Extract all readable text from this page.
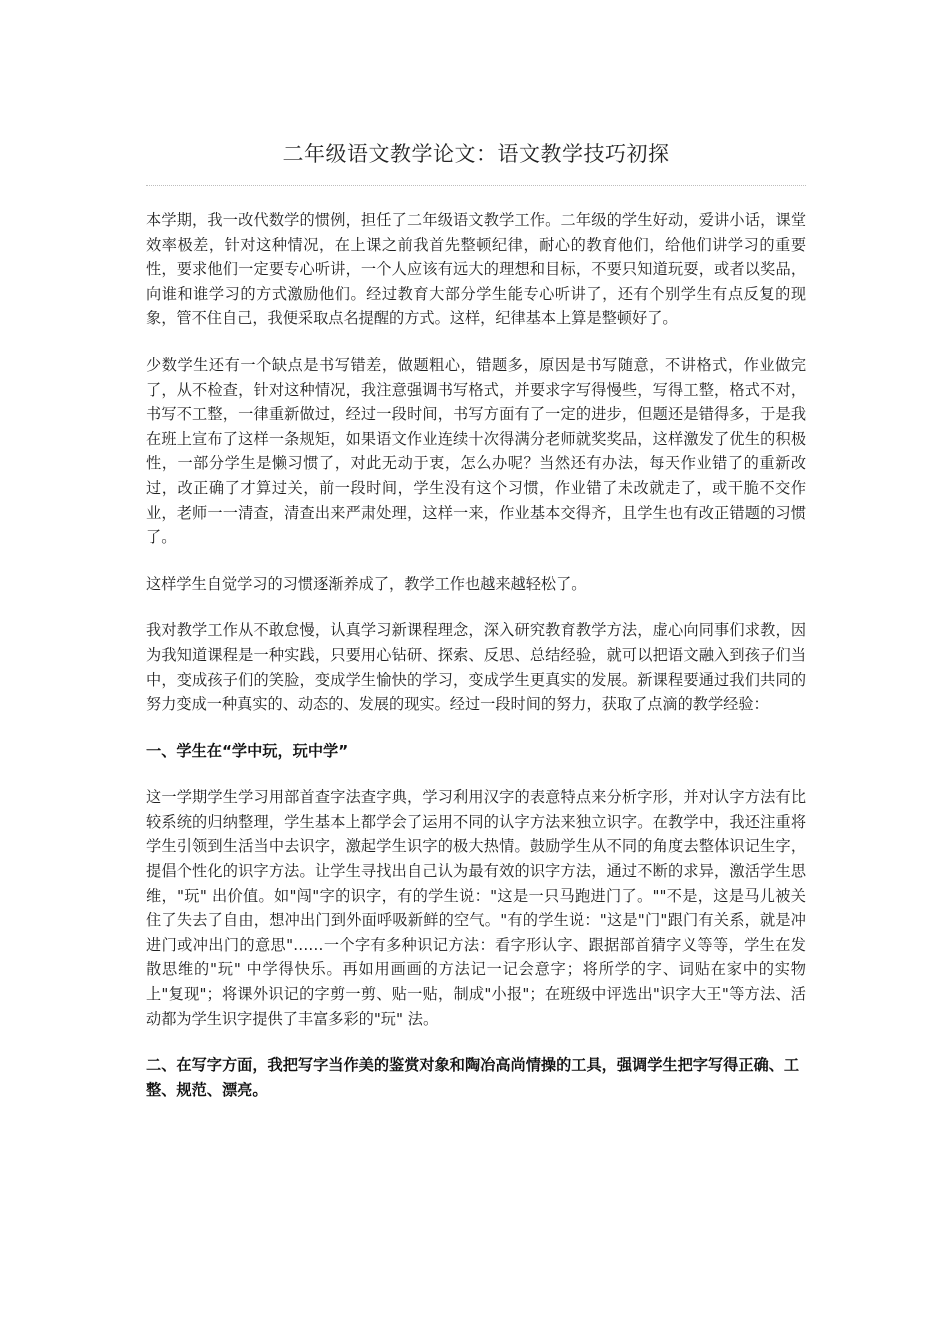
二年级语文教学论文：语文教学技巧初探

本学期，我一改代数学的惯例，担任了二年级语文教学工作。二年级的学生好动，爱讲小话，课堂效率极差，针对这种情况，在上课之前我首先整顿纪律，耐心的教育他们，给他们讲学习的重要性，要求他们一定要专心听讲，一个人应该有远大的理想和目标，不要只知道玩耍，或者以奖品，向谁和谁学习的方式激励他们。经过教育大部分学生能专心听讲了，还有个别学生有点反复的现象，管不住自己，我便采取点名提醒的方式。这样，纪律基本上算是整顿好了。

少数学生还有一个缺点是书写错差，做题粗心，错题多，原因是书写随意，不讲格式，作业做完了，从不检查，针对这种情况，我注意强调书写格式，并要求字写得慢些，写得工整，格式不对，书写不工整，一律重新做过，经过一段时间，书写方面有了一定的进步，但题还是错得多，于是我在班上宣布了这样一条规矩，如果语文作业连续十次得满分老师就奖奖品，这样激发了优生的积极性，一部分学生是懒习惯了，对此无动于衷，怎么办呢？当然还有办法，每天作业错了的重新改过，改正确了才算过关，前一段时间，学生没有这个习惯，作业错了未改就走了，或干脆不交作业，老师一一清查，清查出来严肃处理，这样一来，作业基本交得齐，且学生也有改正错题的习惯了。

这样学生自觉学习的习惯逐渐养成了，教学工作也越来越轻松了。

我对教学工作从不敢怠慢，认真学习新课程理念，深入研究教育教学方法，虚心向同事们求教，因为我知道课程是一种实践，只要用心钻研、探索、反思、总结经验，就可以把语文融入到孩子们当中，变成孩子们的笑脸，变成学生愉快的学习，变成学生更真实的发展。新课程要通过我们共同的努力变成一种真实的、动态的、发展的现实。经过一段时间的努力，获取了点滴的教学经验：

一、学生在“学中玩，玩中学”

这一学期学生学习用部首查字法查字典，学习利用汉字的表意特点来分析字形，并对认字方法有比较系统的归纳整理，学生基本上都学会了运用不同的认字方法来独立识字。在教学中，我还注重将学生引领到生活当中去识字，激起学生识字的极大热情。鼓励学生从不同的角度去整体识记生字，提倡个性化的识字方法。让学生寻找出自己认为最有效的识字方法，通过不断的求异，激活学生思维，"玩" 出价值。如"闯"字的识字，有的学生说："这是一只马跑进门了。""不是，这是马儿被关住了失去了自由，想冲出门到外面呼吸新鲜的空气。"有的学生说："这是"门"跟门有关系，就是冲进门或冲出门的意思"……一个字有多种识记方法：看字形认字、跟据部首猜字义等等，学生在发散思维的"玩" 中学得快乐。再如用画画的方法记一记会意字；将所学的字、词贴在家中的实物上"复现"；将课外识记的字剪一剪、贴一贴，制成"小报"；在班级中评选出"识字大王"等方法、活动都为学生识字提供了丰富多彩的"玩" 法。

二、在写字方面，我把写字当作美的鉴赏对象和陶冶高尚情操的工具，强调学生把字写得正确、工整、规范、漂亮。
